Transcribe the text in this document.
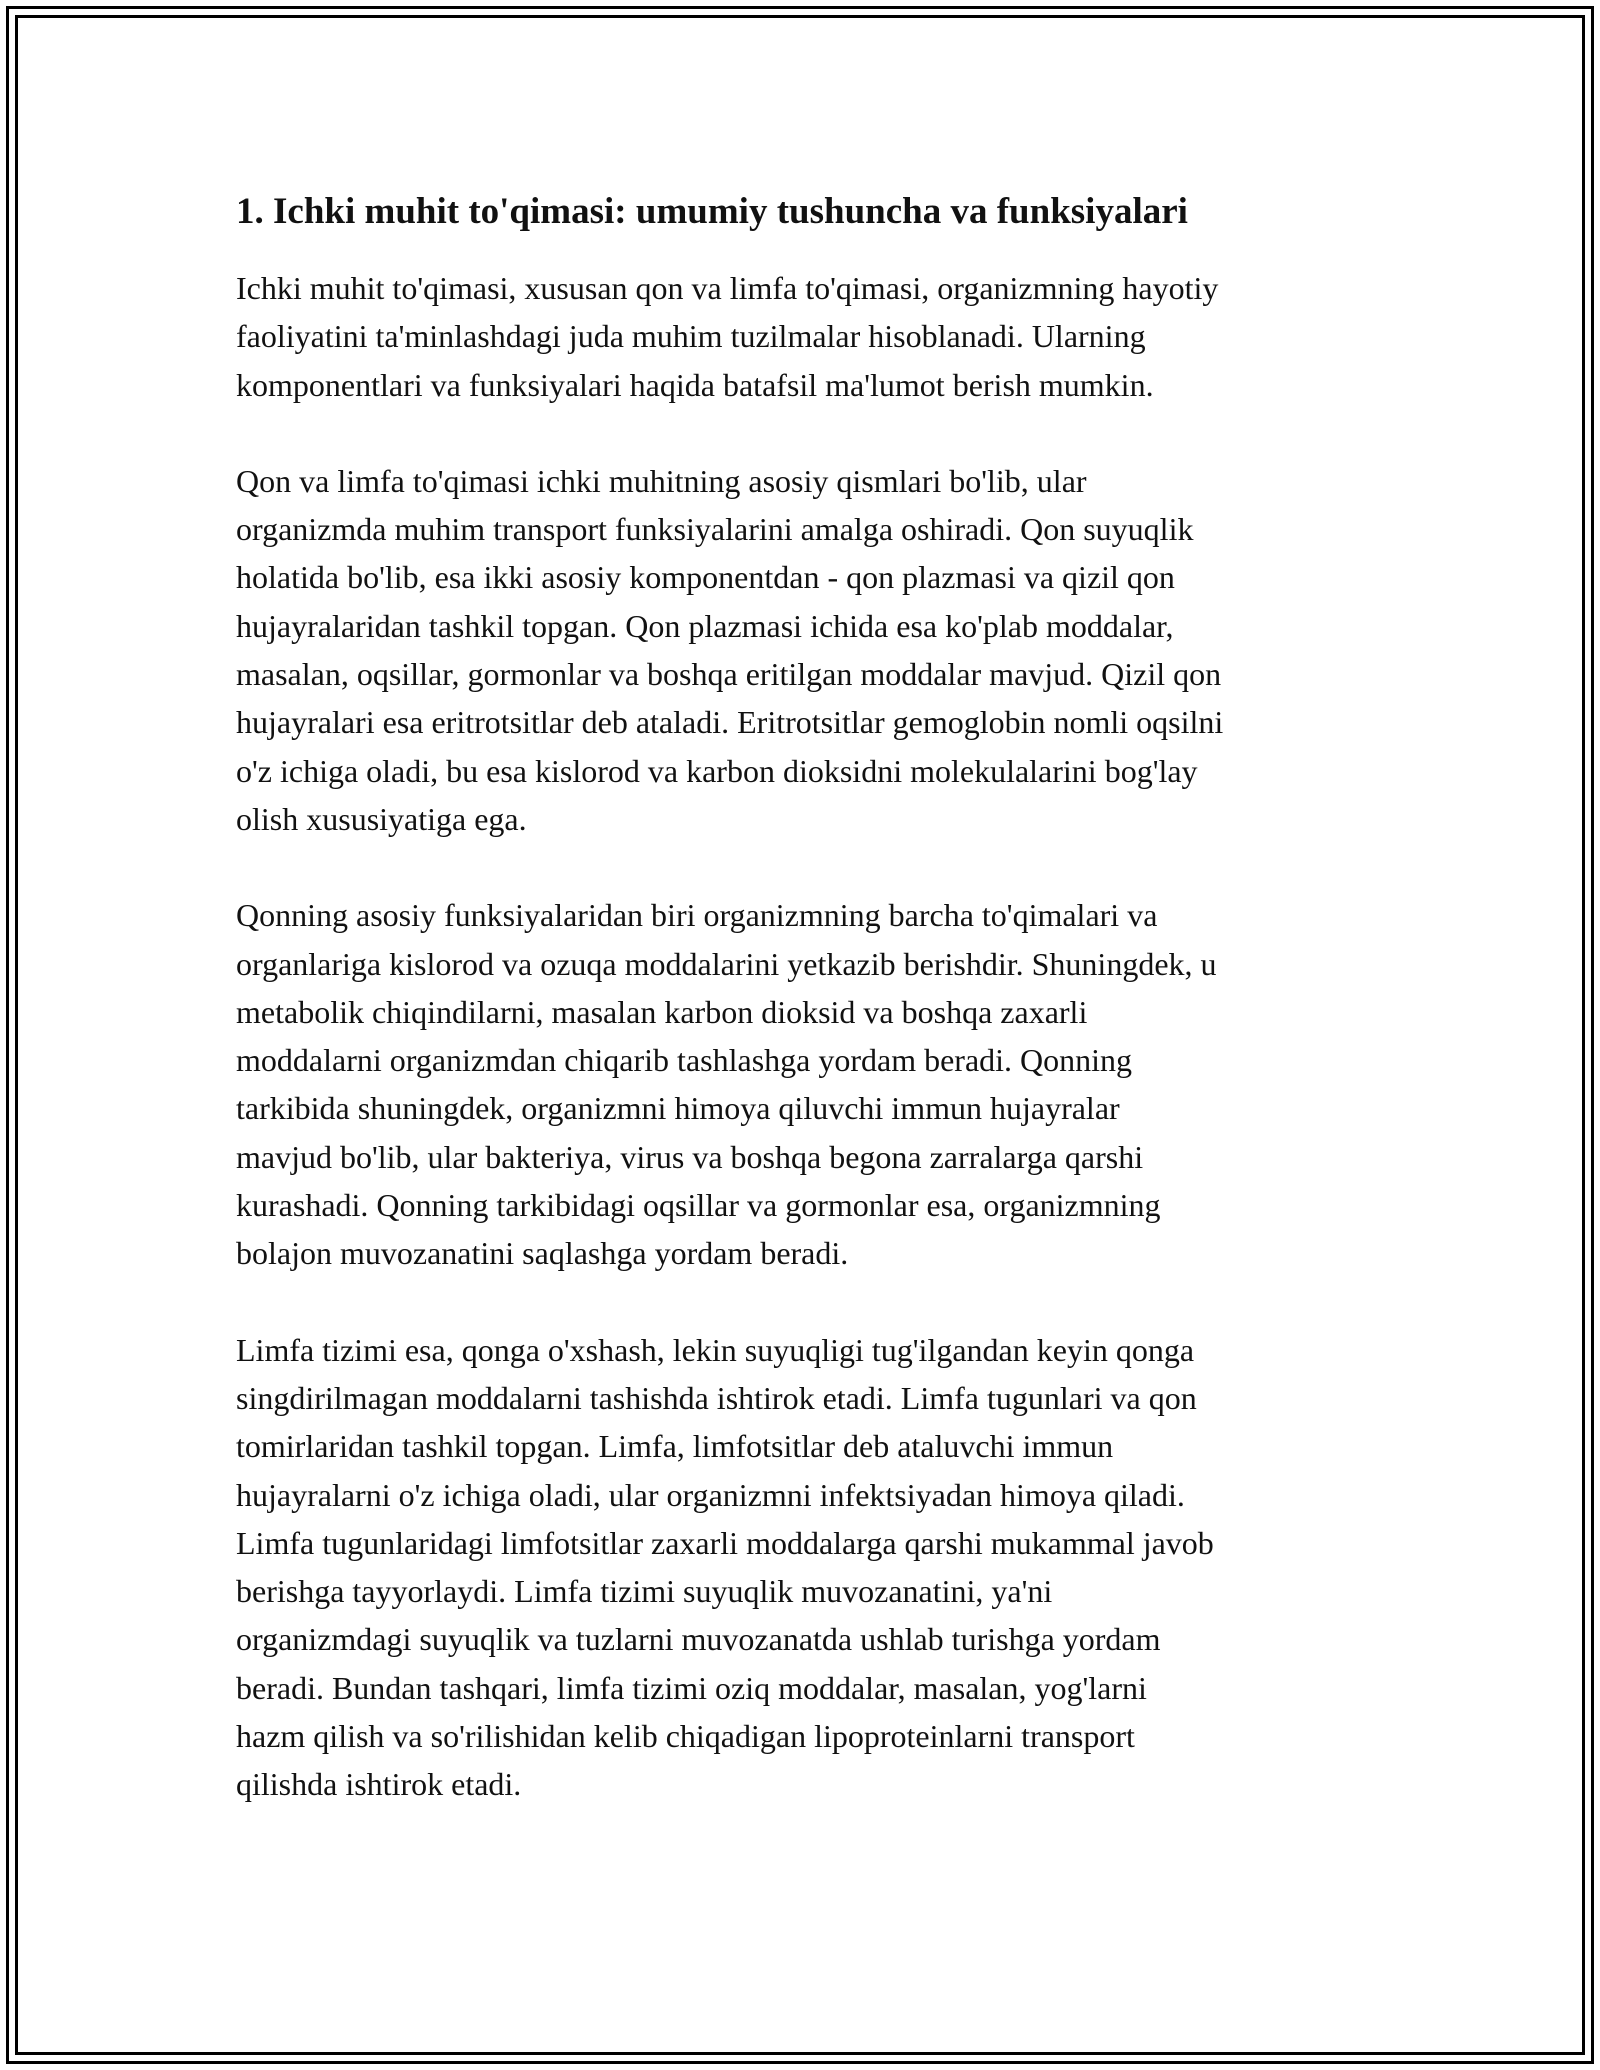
1. Ichki muhit to'qimasi: umumiy tushuncha va funksiyalari

Ichki muhit to'qimasi, xususan qon va limfa to'qimasi, organizmning hayotiy
faoliyatini ta'minlashdagi juda muhim tuzilmalar hisoblanadi. Ularning
komponentlari va funksiyalari haqida batafsil ma'lumot berish mumkin.

Qon va limfa to'qimasi ichki muhitning asosiy qismlari bo'lib, ular
organizmda muhim transport funksiyalarini amalga oshiradi. Qon suyuqlik
holatida bo'lib, esa ikki asosiy komponentdan - qon plazmasi va qizil qon
hujayralaridan tashkil topgan. Qon plazmasi ichida esa ko'plab moddalar,
masalan, oqsillar, gormonlar va boshqa eritilgan moddalar mavjud. Qizil qon
hujayralari esa eritrotsitlar deb ataladi. Eritrotsitlar gemoglobin nomli oqsilni
o'z ichiga oladi, bu esa kislorod va karbon dioksidni molekulalarini bog'lay
olish xususiyatiga ega.

Qonning asosiy funksiyalaridan biri organizmning barcha to'qimalari va
organlariga kislorod va ozuqa moddalarini yetkazib berishdir. Shuningdek, u
metabolik chiqindilarni, masalan karbon dioksid va boshqa zaxarli
moddalarni organizmdan chiqarib tashlashga yordam beradi. Qonning
tarkibida shuningdek, organizmni himoya qiluvchi immun hujayralar
mavjud bo'lib, ular bakteriya, virus va boshqa begona zarralarga qarshi
kurashadi. Qonning tarkibidagi oqsillar va gormonlar esa, organizmning
bolajon muvozanatini saqlashga yordam beradi.

Limfa tizimi esa, qonga o'xshash, lekin suyuqligi tug'ilgandan keyin qonga
singdirilmagan moddalarni tashishda ishtirok etadi. Limfa tugunlari va qon
tomirlaridan tashkil topgan. Limfa, limfotsitlar deb ataluvchi immun
hujayralarni o'z ichiga oladi, ular organizmni infektsiyadan himoya qiladi.
Limfa tugunlaridagi limfotsitlar zaxarli moddalarga qarshi mukammal javob
berishga tayyorlaydi. Limfa tizimi suyuqlik muvozanatini, ya'ni
organizmdagi suyuqlik va tuzlarni muvozanatda ushlab turishga yordam
beradi. Bundan tashqari, limfa tizimi oziq moddalar, masalan, yog'larni
hazm qilish va so'rilishidan kelib chiqadigan lipoproteinlarni transport
qilishda ishtirok etadi.
